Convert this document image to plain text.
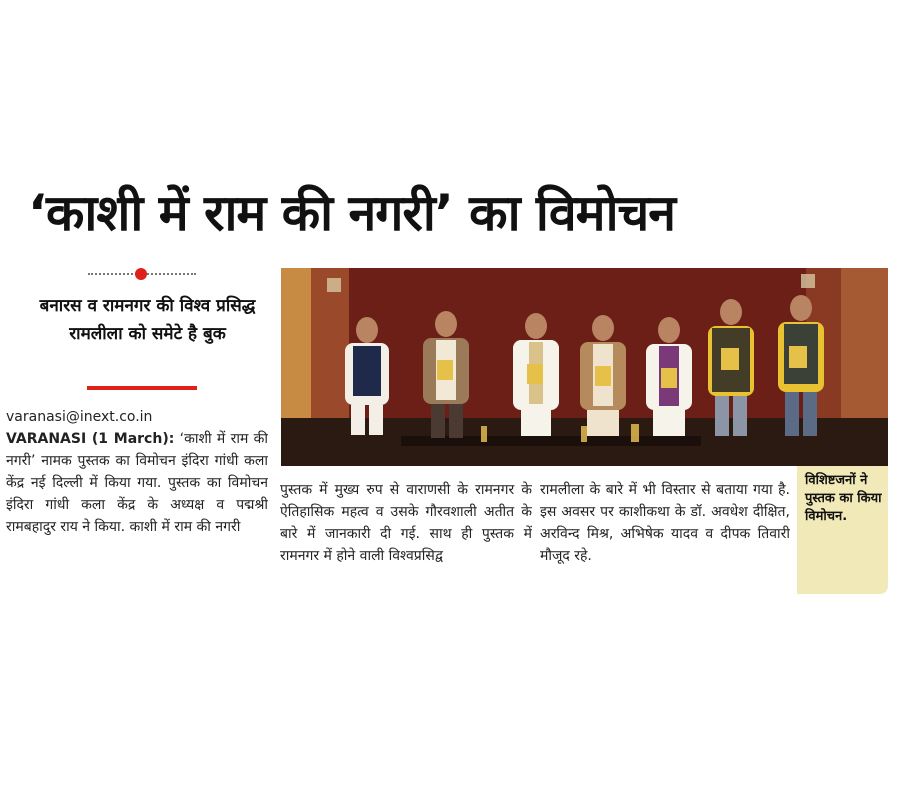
‘काशी में राम की नगरी’ का विमोचन
बनारस व रामनगर की विश्व प्रसिद्ध रामलीला को समेटे है बुक
varanasi@inext.co.in
VARANASI (1 March): ‘काशी में राम की नगरी’ नामक पुस्तक का विमोचन इंदिरा गांधी कला केंद्र नई दिल्ली में किया गया. पुस्तक का विमोचन इंदिरा गांधी कला केंद्र के अध्यक्ष व पद्मश्री रामबहादुर राय ने किया. काशी में राम की नगरी
पुस्तक में मुख्य रुप से वाराणसी के रामनगर के ऐतिहासिक महत्व व उसके गौरवशाली अतीत के बारे में जानकारी दी गई. साथ ही पुस्तक में रामनगर में होने वाली विश्वप्रसिद्व
रामलीला के बारे में भी विस्तार से बताया गया है. इस अवसर पर काशीकथा के डॉ. अवधेश दीक्षित, अरविन्द मिश्र, अभिषेक यादव व दीपक तिवारी मौजूद रहे.
विशिष्टजनों ने पुस्तक का किया विमोचन.
